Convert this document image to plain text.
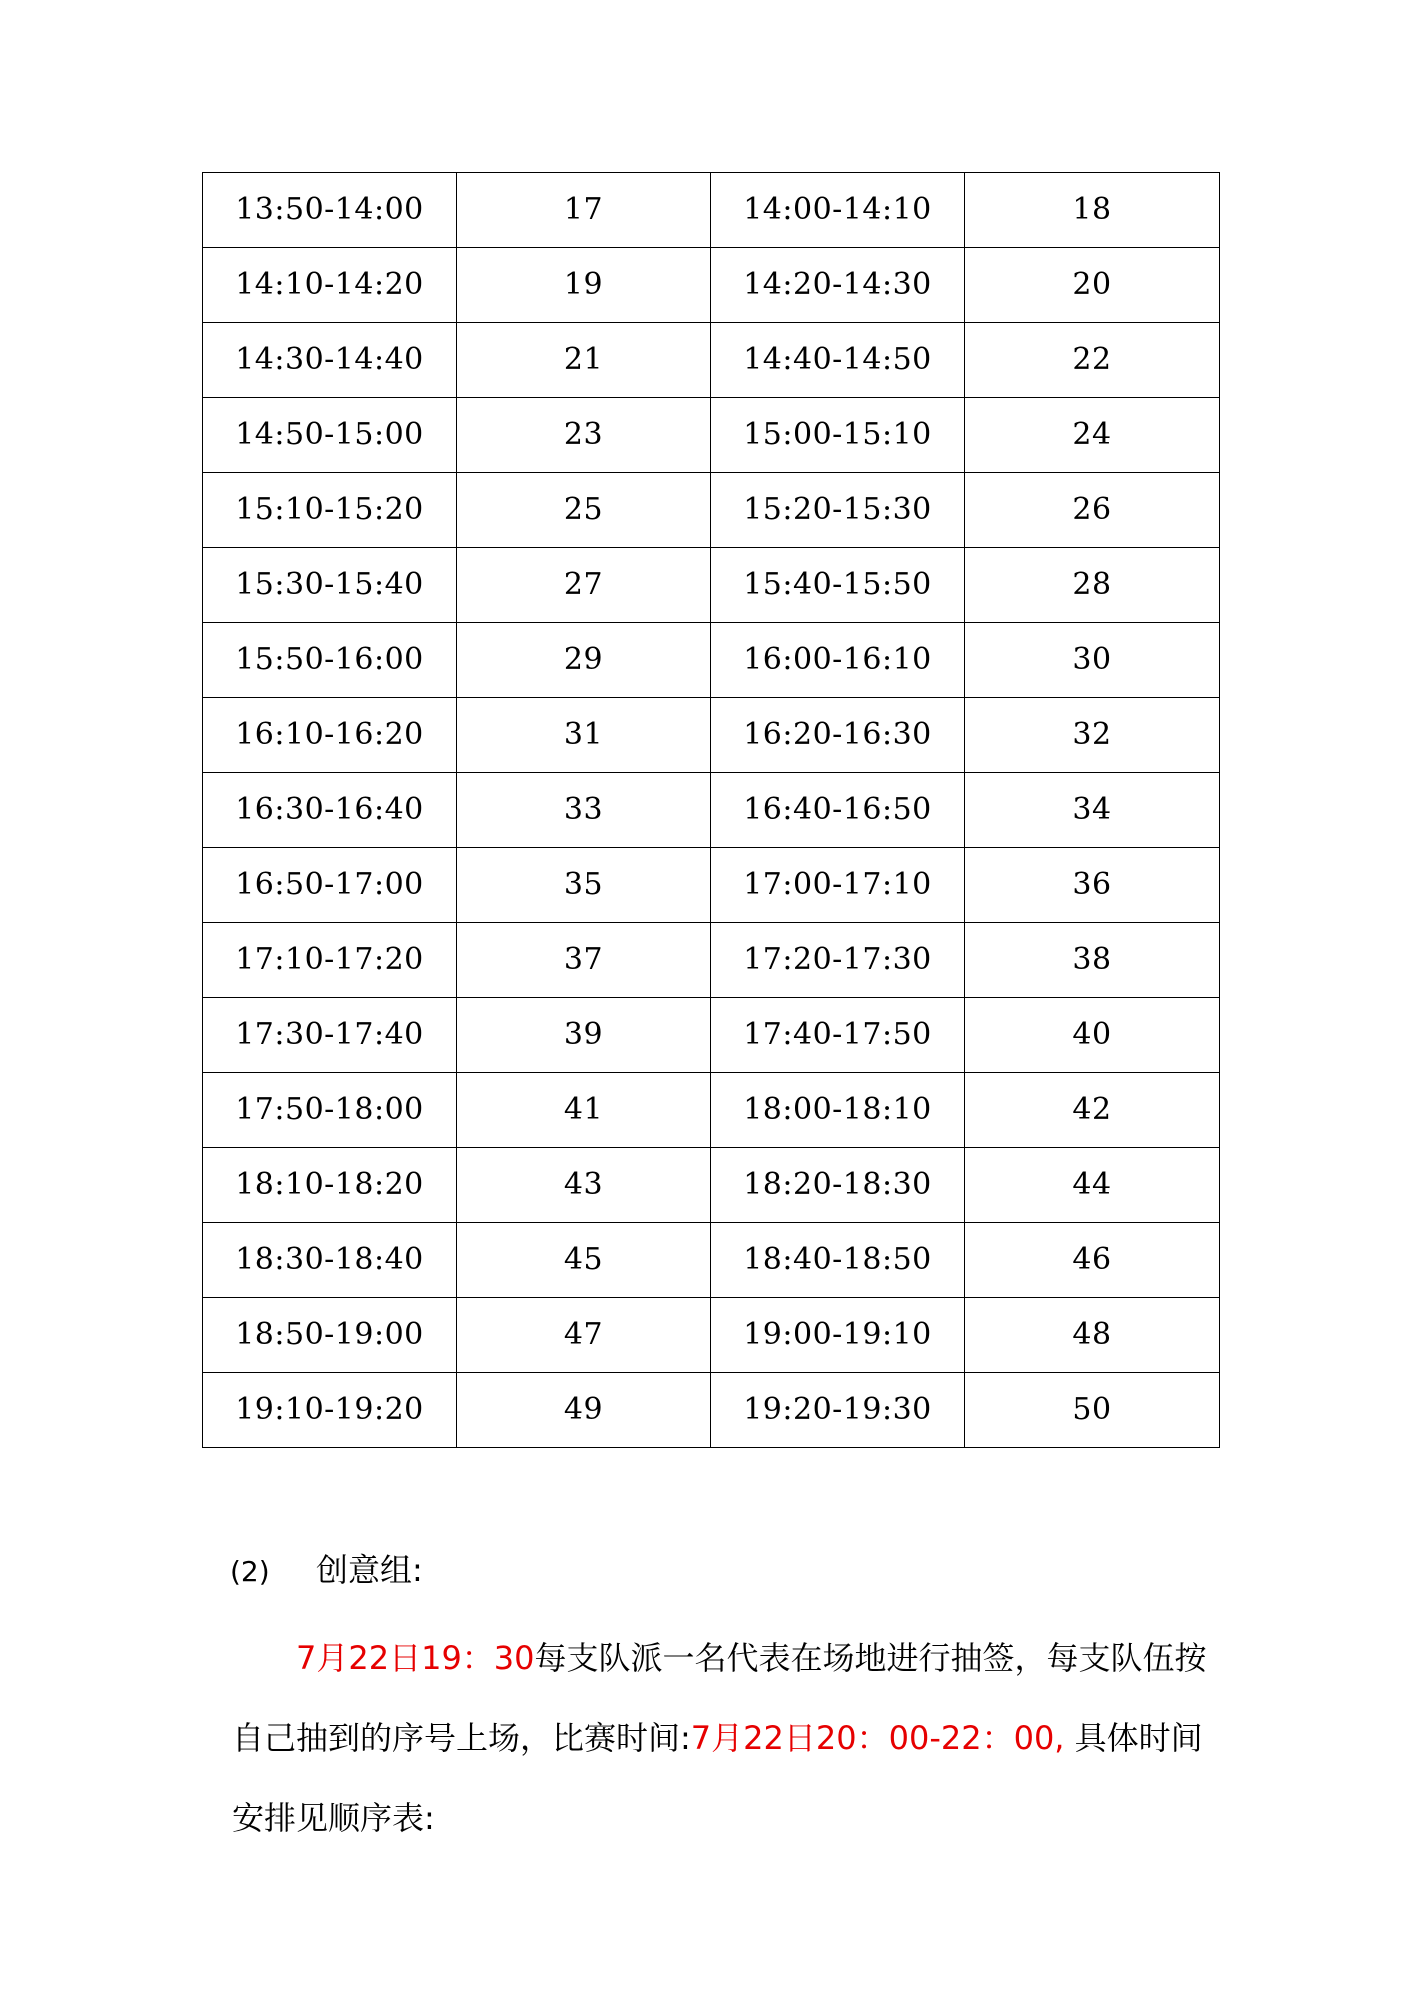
13:50-14:00	17	14:00-14:10	18
14:10-14:20	19	14:20-14:30	20
14:30-14:40	21	14:40-14:50	22
14:50-15:00	23	15:00-15:10	24
15:10-15:20	25	15:20-15:30	26
15:30-15:40	27	15:40-15:50	28
15:50-16:00	29	16:00-16:10	30
16:10-16:20	31	16:20-16:30	32
16:30-16:40	33	16:40-16:50	34
16:50-17:00	35	17:00-17:10	36
17:10-17:20	37	17:20-17:30	38
17:30-17:40	39	17:40-17:50	40
17:50-18:00	41	18:00-18:10	42
18:10-18:20	43	18:20-18:30	44
18:30-18:40	45	18:40-18:50	46
18:50-19:00	47	19:00-19:10	48
19:10-19:20	49	19:20-19:30	50
(2) 创意组:
7月22日19：30每支队派一名代表在场地进行抽签，每支队伍按
自己抽到的序号上场，比赛时间:7月22日20：00-22：00, 具体时间
安排见顺序表:
